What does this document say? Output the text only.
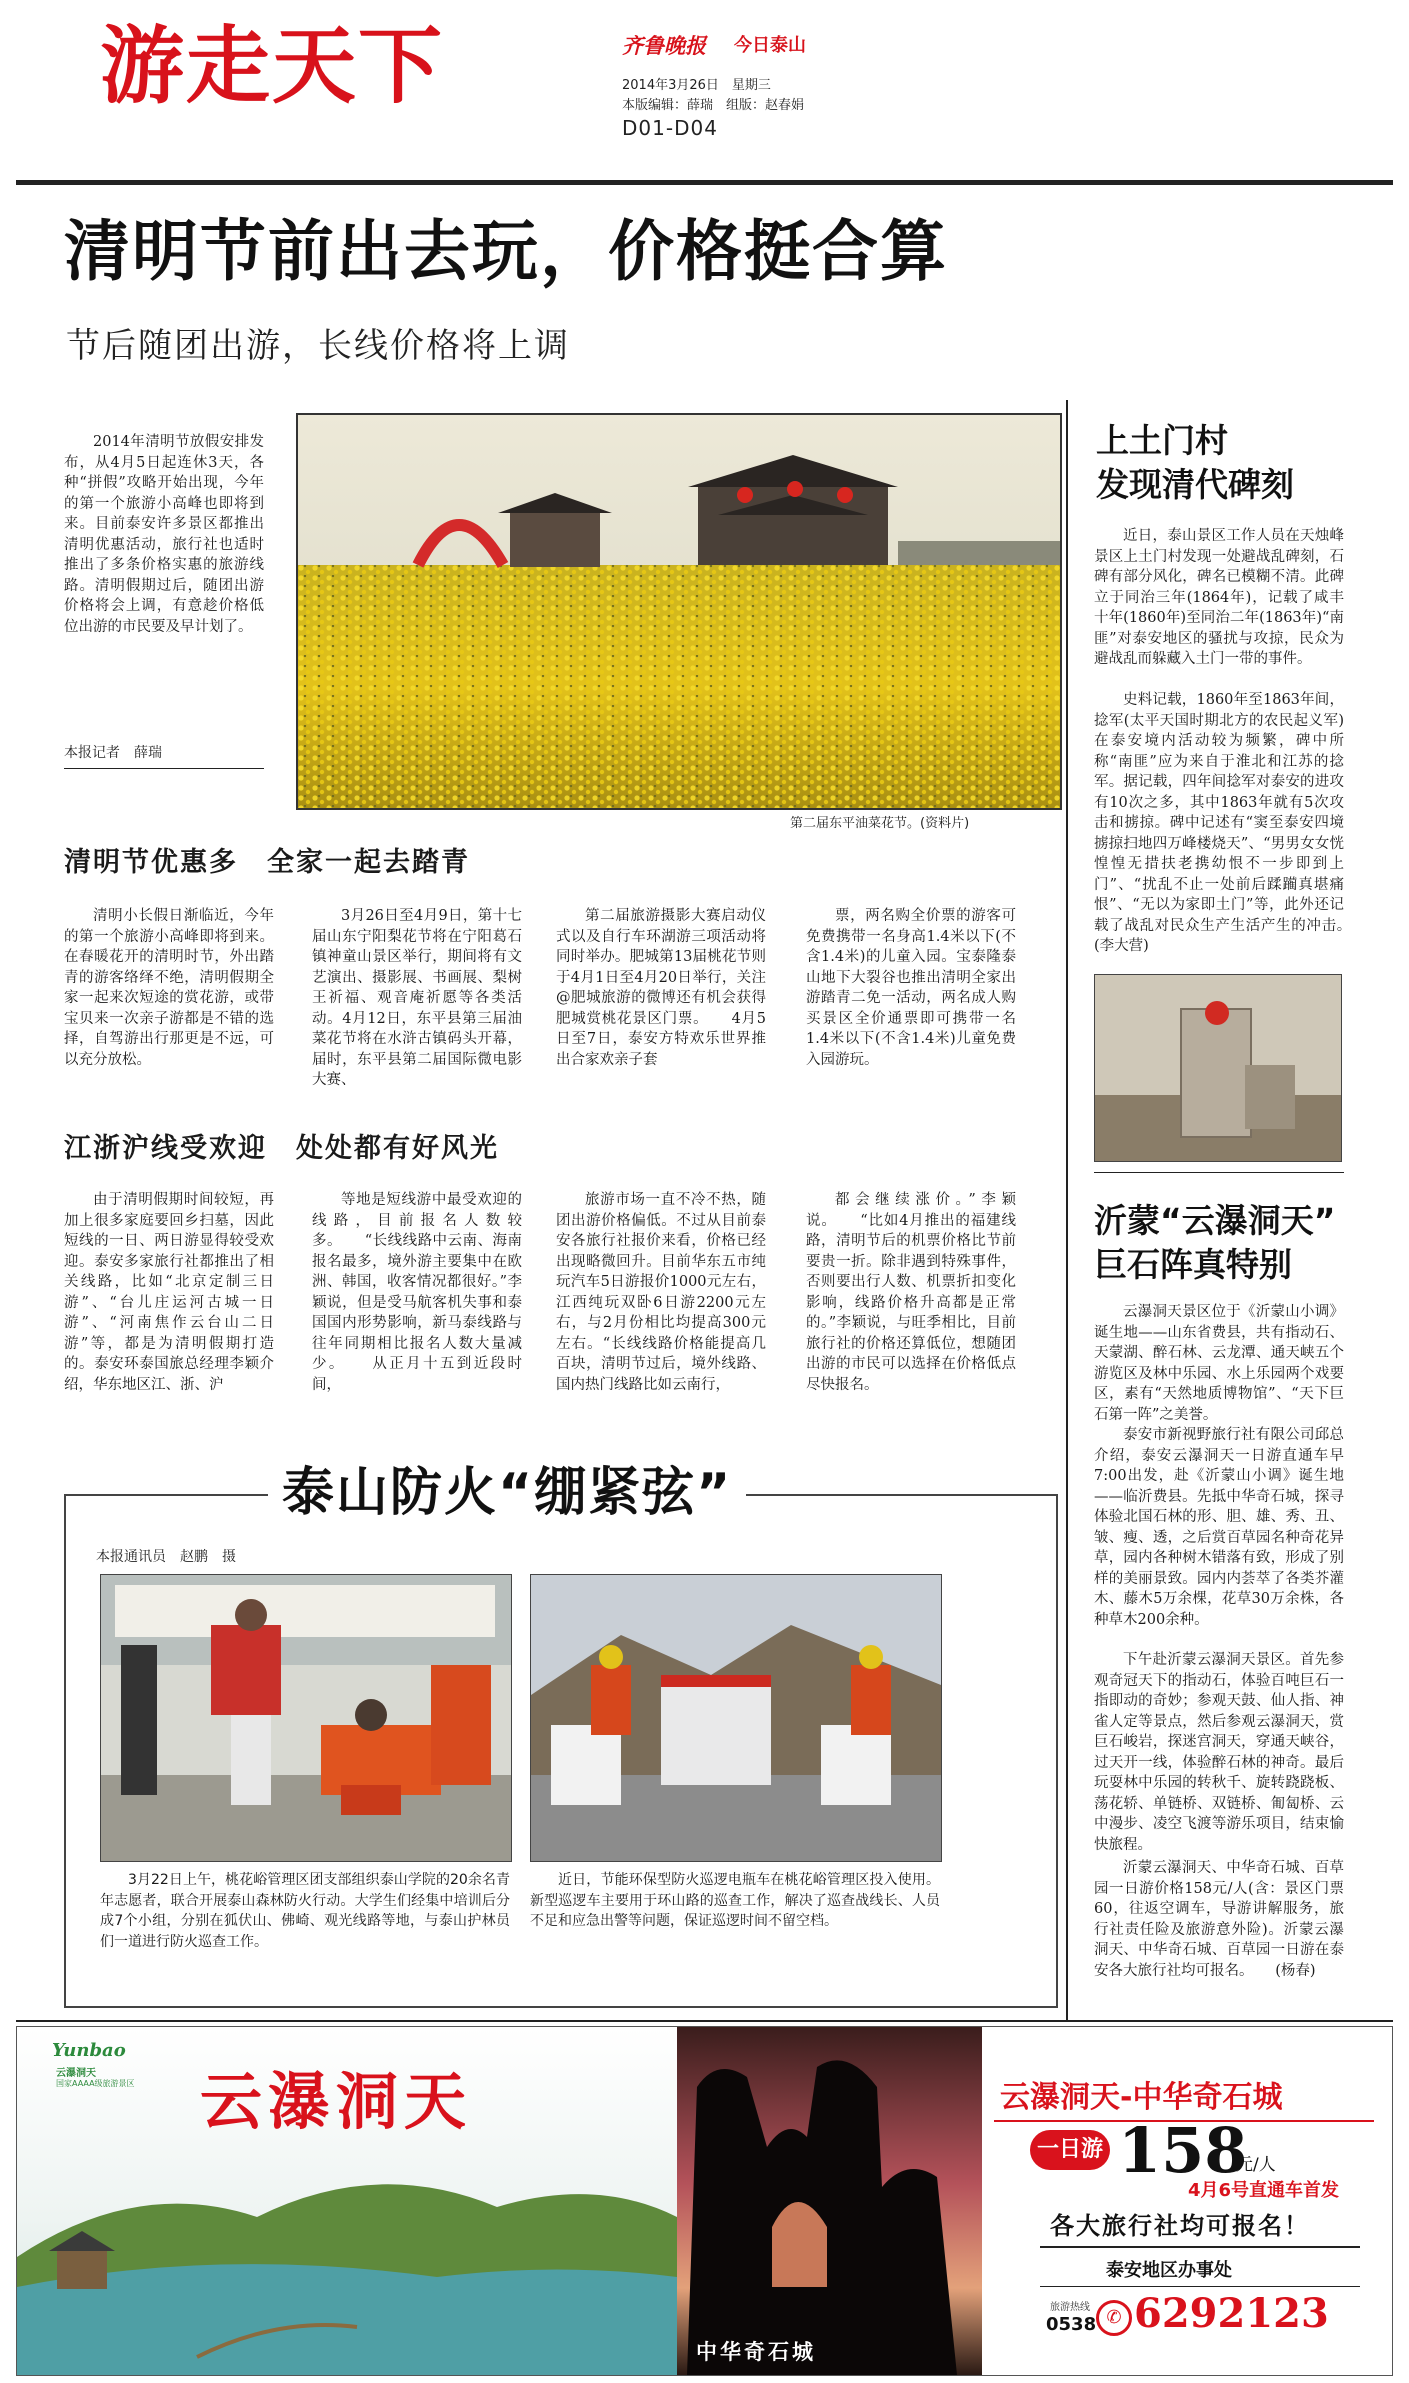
游走天下	齐鲁晚报 今日泰山
2014年3月26日　星期三
本版编辑：薛瑞　组版：赵春娟
D01-D04
清明节前出去玩，价格挺合算
节后随团出游，长线价格将上调

2014年清明节放假安排发布，从4月5日起连休3天，各种“拼假”攻略开始出现，今年的第一个旅游小高峰也即将到来。目前泰安许多景区都推出清明优惠活动，旅行社也适时推出了多条价格实惠的旅游线路。清明假期过后，随团出游价格将会上调，有意趁价格低位出游的市民要及早计划了。

本报记者　薛瑞
第二届东平油菜花节。(资料片)
清明节优惠多　全家一起去踏青

清明小长假日渐临近，今年的第一个旅游小高峰即将到来。在春暖花开的清明时节，外出踏青的游客络绎不绝，清明假期全家一起来次短途的赏花游，或带宝贝来一次亲子游都是不错的选择，自驾游出行那更是不远，可以充分放松。

3月26日至4月9日，第十七届山东宁阳梨花节将在宁阳葛石镇神童山景区举行，期间将有文艺演出、摄影展、书画展、梨树王祈福、观音庵祈愿等各类活动。4月12日，东平县第三届油菜花节将在水浒古镇码头开幕，届时，东平县第二届国际微电影大赛、

第二届旅游摄影大赛启动仪式以及自行车环湖游三项活动将同时举办。肥城第13届桃花节则于4月1日至4月20日举行，关注@肥城旅游的微博还有机会获得肥城赏桃花景区门票。　　4月5日至7日，泰安方特欢乐世界推出合家欢亲子套

票，两名购全价票的游客可免费携带一名身高1.4米以下(不含1.4米)的儿童入园。宝泰隆泰山地下大裂谷也推出清明全家出游踏青二免一活动，两名成人购买景区全价通票即可携带一名1.4米以下(不含1.4米)儿童免费入园游玩。

江浙沪线受欢迎　处处都有好风光

由于清明假期时间较短，再加上很多家庭要回乡扫墓，因此短线的一日、两日游显得较受欢迎。泰安多家旅行社都推出了相关线路，比如“北京定制三日游”、“台儿庄运河古城一日游”、“河南焦作云台山二日游”等，都是为清明假期打造的。泰安环泰国旅总经理李颖介绍，华东地区江、浙、沪

等地是短线游中最受欢迎的线路，目前报名人数较多。　　“长线线路中云南、海南报名最多，境外游主要集中在欧洲、韩国，收客情况都很好。”李颖说，但是受马航客机失事和泰国国内形势影响，新马泰线路与往年同期相比报名人数大量减少。　　从正月十五到近段时间，

旅游市场一直不冷不热，随团出游价格偏低。不过从目前泰安各旅行社报价来看，价格已经出现略微回升。目前华东五市纯玩汽车5日游报价1000元左右，江西纯玩双卧6日游2200元左右，与2月份相比均提高300元左右。“长线线路价格能提高几百块，清明节过后，境外线路、国内热门线路比如云南行，

都会继续涨价。”李颖说。　　“比如4月推出的福建线路，清明节后的机票价格比节前要贵一折。除非遇到特殊事件，否则要出行人数、机票折扣变化影响，线路价格升高都是正常的。”李颖说，与旺季相比，目前旅行社的价格还算低位，想随团出游的市民可以选择在价格低点尽快报名。

上土门村
发现清代碑刻

近日，泰山景区工作人员在天烛峰景区上土门村发现一处避战乱碑刻，石碑有部分风化，碑名已模糊不清。此碑立于同治三年(1864年)，记载了咸丰十年(1860年)至同治二年(1863年)“南匪”对泰安地区的骚扰与攻掠，民众为避战乱而躲藏入土门一带的事件。

史料记载，1860年至1863年间，捻军(太平天国时期北方的农民起义军)在泰安境内活动较为频繁，碑中所称“南匪”应为来自于淮北和江苏的捻军。据记载，四年间捻军对泰安的进攻有10次之多，其中1863年就有5次攻击和掳掠。碑中记述有“窦至泰安四境掳掠扫地四万峰楼烧天”、“男男女女恍惶惶无措扶老携幼恨不一步即到上门”、“扰乱不止一处前后蹂躏真堪痛恨”、“无以为家即土门”等，此外还记载了战乱对民众生产生活产生的冲击。　(李大营)

沂蒙“云瀑洞天”
巨石阵真特别

云瀑洞天景区位于《沂蒙山小调》诞生地——山东省费县，共有指动石、天蒙湖、醉石林、云龙潭、通天峡五个游览区及林中乐园、水上乐园两个戏要区，素有“天然地质博物馆”、“天下巨石第一阵”之美誉。

泰安市新视野旅行社有限公司邱总介绍，泰安云瀑洞天一日游直通车早7:00出发，赴《沂蒙山小调》诞生地——临沂费县。先抵中华奇石城，探寻体验北国石林的形、胆、雄、秀、丑、皱、瘦、透，之后赏百草园名种奇花异草，园内各种树木错落有致，形成了别样的美丽景致。园内内荟萃了各类芥灌木、藤木5万余棵，花草30万余株，各种草木200余种。

下午赴沂蒙云瀑洞天景区。首先参观奇冠天下的指动石，体验百吨巨石一指即动的奇妙；参观天鼓、仙人指、神雀人定等景点，然后参观云瀑洞天，赏巨石峻岩，探迷宫洞天，穿通天峡谷，过天开一线，体验醉石林的神奇。最后玩耍林中乐园的转秋千、旋转跷跷板、荡花轿、单链桥、双链桥、匍匐桥、云中漫步、凌空飞渡等游乐项目，结束愉快旅程。

沂蒙云瀑洞天、中华奇石城、百草园一日游价格158元/人(含：景区门票60，往返空调车，导游讲解服务，旅行社责任险及旅游意外险)。沂蒙云瀑洞天、中华奇石城、百草园一日游在泰安各大旅行社均可报名。　　(杨春)

泰山防火“绷紧弦”
本报通讯员　赵鹏　摄

3月22日上午，桃花峪管理区团支部组织泰山学院的20余名青年志愿者，联合开展泰山森林防火行动。大学生们经集中培训后分成7个小组，分别在狐伏山、佛崎、观光线路等地，与泰山护林员们一道进行防火巡查工作。

近日，节能环保型防火巡逻电瓶车在桃花峪管理区投入使用。新型巡逻车主要用于环山路的巡查工作，解决了巡查战线长、人员不足和应急出警等问题，保证巡逻时间不留空档。

Yunbao
云瀑洞天
国家AAAA级旅游景区 云瀑洞天
中华奇石城
云瀑洞天-中华奇石城
一日游 158
元/人
4月6号直通车首发
各大旅行社均可报名！
泰安地区办事处
旅游热线
0538 ✆ 6292123
